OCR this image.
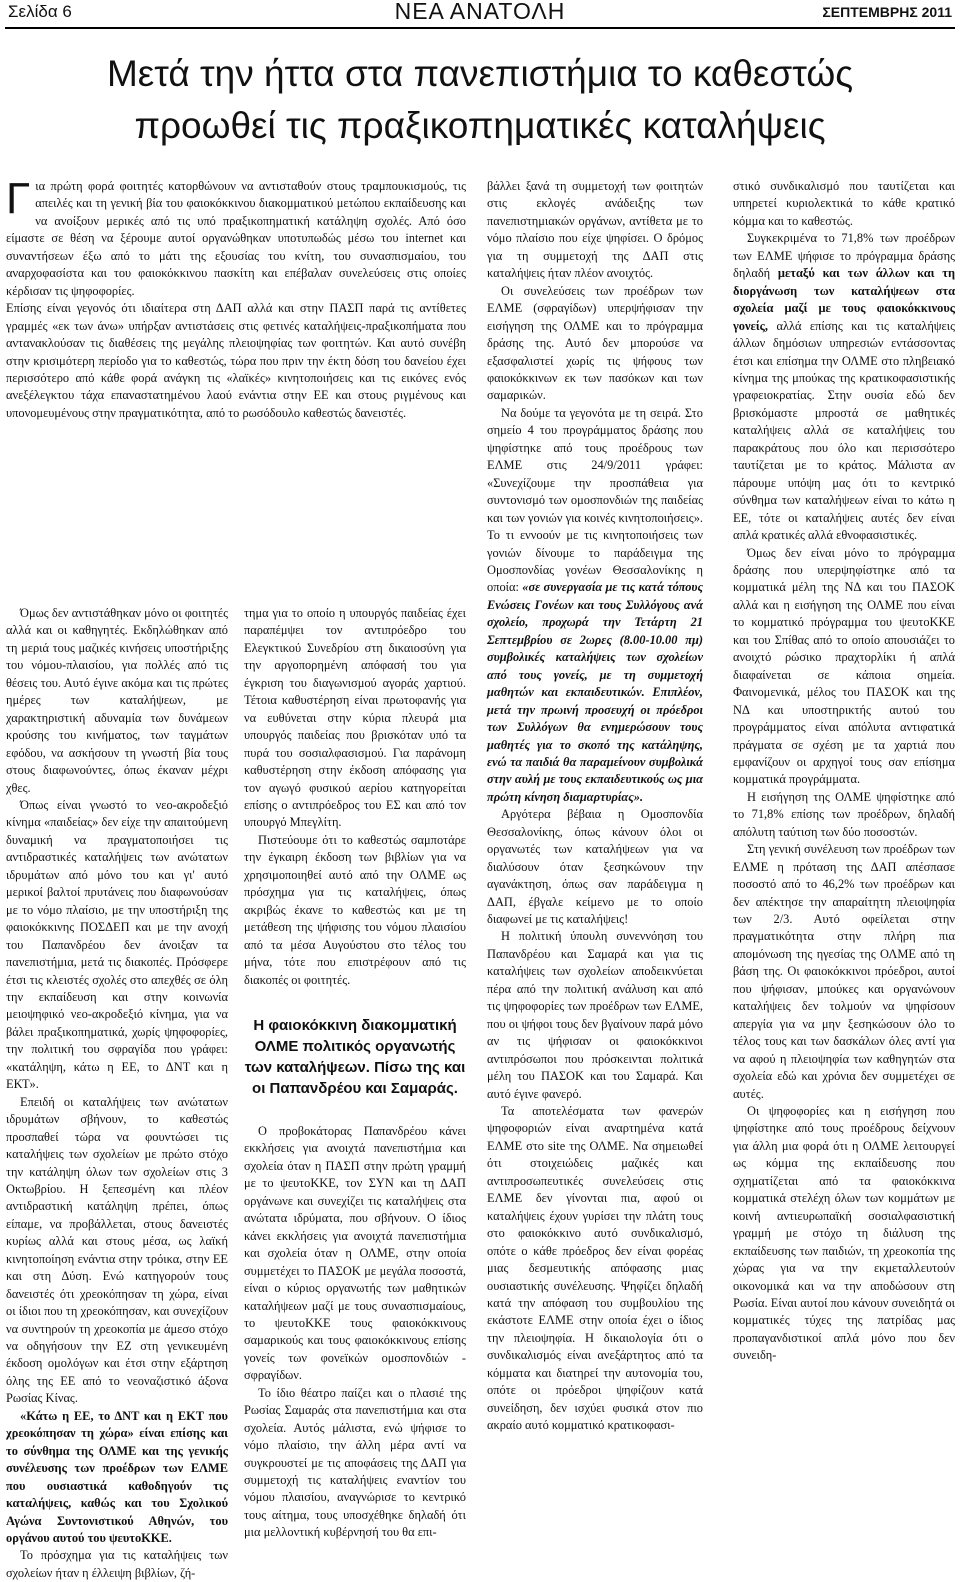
Σελίδα 6	ΝΕΑ ΑΝΑΤΟΛΗ	ΣΕΠΤΕΜΒΡΗΣ 2011
Μετά την ήττα στα πανεπιστήμια το καθεστώς
προωθεί τις πραξικοπηματικές καταλήψεις

Για πρώτη φορά φοιτητές κατορθώνουν να αντισταθούν στους τραμπουκισμούς, τις απειλές και τη γενική βία του φαιοκόκκινου διακομματικού μετώπου εκπαίδευσης και να ανοίξουν μερικές από τις υπό πραξικοπηματική κατάληψη σχολές. Από όσο είμαστε σε θέση να ξέρουμε αυτοί οργανώθηκαν υποτυπωδώς μέσω του internet και συναντήσεων έξω από το μάτι της εξουσίας του κνίτη, του συνασπισμαίου, του αναρχοφασίστα και του φαιοκόκκινου πασκίτη και επέβαλαν συνελεύσεις στις οποίες κέρδισαν τις ψηφοφορίες.

Επίσης είναι γεγονός ότι ιδιαίτερα στη ΔΑΠ αλλά και στην ΠΑΣΠ παρά τις αντίθετες γραμμές «εκ των άνω» υπήρξαν αντιστάσεις στις φετινές καταλήψεις-πραξικοπήματα που αντανακλούσαν τις διαθέσεις της μεγάλης πλειοψηφίας των φοιτητών. Και αυτό συνέβη στην κρισιμότερη περίοδο για το καθεστώς, τώρα που πριν την έκτη δόση του δανείου έχει περισσότερο από κάθε φορά ανάγκη τις «λαϊκές» κινητοποιήσεις και τις εικόνες ενός ανεξέλεγκτου τάχα επαναστατημένου λαού ενάντια στην ΕΕ και στους ριγμένους και υπονομευμένους στην πραγματικότητα, από το ρωσόδουλο καθεστώς δανειστές.

Όμως δεν αντιστάθηκαν μόνο οι φοιτητές αλλά και οι καθηγητές. Εκδηλώθηκαν από τη μεριά τους μαζικές κινήσεις υποστήριξης του νόμου-πλαισίου, για πολλές από τις θέσεις του. Αυτό έγινε ακόμα και τις πρώτες ημέρες των καταλήψεων, με χαρακτηριστική αδυναμία των δυνάμεων κρούσης του κινήματος, των ταγμάτων εφόδου, να ασκήσουν τη γνωστή βία τους στους διαφωνούντες, όπως έκαναν μέχρι χθες.

Όπως είναι γνωστό το νεο-ακροδεξιό κίνημα «παιδείας» δεν είχε την απαιτούμενη δυναμική να πραγματοποιήσει τις αντιδραστικές καταλήψεις των ανώτατων ιδρυμάτων από μόνο του και γι' αυτό μερικοί βαλτοί πρυτάνεις που διαφωνούσαν με το νόμο πλαίσιο, με την υποστήριξη της φαιοκόκκινης ΠΟΣΔΕΠ και με την ανοχή του Παπανδρέου δεν άνοιξαν τα πανεπιστήμια, μετά τις διακοπές. Πρόσφερε έτσι τις κλειστές σχολές στο απεχθές σε όλη την εκπαίδευση και στην κοινωνία μειοψηφικό νεο-ακροδεξιό κίνημα, για να βάλει πραξικοπηματικά, χωρίς ψηφοφορίες, την πολιτική του σφραγίδα που γράφει: «κατάληψη, κάτω η ΕΕ, το ΔΝΤ και η ΕΚΤ».

Επειδή οι καταλήψεις των ανώτατων ιδρυμάτων σβήνουν, το καθεστώς προσπαθεί τώρα να φουντώσει τις καταλήψεις των σχολείων με πρώτο στόχο την κατάληψη όλων των σχολείων στις 3 Οκτωβρίου. Η ξεπεσμένη και πλέον αντιδραστική κατάληψη πρέπει, όπως είπαμε, να προβάλλεται, στους δανειστές κυρίως αλλά και στους μέσα, ως λαϊκή κινητοποίηση ενάντια στην τρόικα, στην ΕΕ και στη Δύση. Ενώ κατηγορούν τους δανειστές ότι χρεοκόπησαν τη χώρα, είναι οι ίδιοι που τη χρεοκόπησαν, και συνεχίζουν να συντηρούν τη χρεοκοπία με άμεσο στόχο να οδηγήσουν την ΕΖ στη γενικευμένη έκδοση ομολόγων και έτσι στην εξάρτηση όλης της ΕΕ από το νεοναζιστικό άξονα Ρωσίας Κίνας.

«Κάτω η ΕΕ, το ΔΝΤ και η ΕΚΤ που χρεοκόπησαν τη χώρα» είναι επίσης και το σύνθημα της ΟΛΜΕ και της γενικής συνέλευσης των προέδρων των ΕΛΜΕ που ουσιαστικά καθοδηγούν τις καταλήψεις, καθώς και του Σχολικού Αγώνα Συντονιστικού Αθηνών, του οργάνου αυτού του ψευτοΚΚΕ.

Το πρόσχημα για τις καταλήψεις των σχολείων ήταν η έλλειψη βιβλίων, ζή-

τημα για το οποίο η υπουργός παιδείας έχει παραπέμψει τον αντιπρόεδρο του Ελεγκτικού Συνεδρίου στη δικαιοσύνη για την αργοπορημένη απόφασή του για έγκριση του διαγωνισμού αγοράς χαρτιού. Τέτοια καθυστέρηση είναι πρωτοφανής για να ευθύνεται στην κύρια πλευρά μια υπουργός παιδείας που βρισκόταν υπό τα πυρά του σοσιαλφασισμού. Για παράνομη καθυστέρηση στην έκδοση απόφασης για τον αγωγό φυσικού αερίου κατηγορείται επίσης ο αντιπρόεδρος του ΕΣ και από τον υπουργό Μπεγλίτη.

Πιστεύουμε ότι το καθεστώς σαμποτάρε την έγκαιρη έκδοση των βιβλίων για να χρησιμοποιηθεί αυτό από την ΟΛΜΕ ως πρόσχημα για τις καταλήψεις, όπως ακριβώς έκανε το καθεστώς και με τη μετάθεση της ψήφισης του νόμου πλαισίου από τα μέσα Αυγούστου στο τέλος του μήνα, τότε που επιστρέφουν από τις διακοπές οι φοιτητές.

Η φαιοκόκκινη διακομματική ΟΛΜΕ πολιτικός οργανωτής των καταλήψεων. Πίσω της και οι Παπανδρέου και Σαμαράς.

Ο προβοκάτορας Παπανδρέου κάνει εκκλήσεις για ανοιχτά πανεπιστήμια και σχολεία όταν η ΠΑΣΠ στην πρώτη γραμμή με το ψευτοΚΚΕ, τον ΣΥΝ και τη ΔΑΠ οργάνωνε και συνεχίζει τις καταλήψεις στα ανώτατα ιδρύματα, που σβήνουν. Ο ίδιος κάνει εκκλήσεις για ανοιχτά πανεπιστήμια και σχολεία όταν η ΟΛΜΕ, στην οποία συμμετέχει το ΠΑΣΟΚ με μεγάλα ποσοστά, είναι ο κύριος οργανωτής των μαθητικών καταλήψεων μαζί με τους συνασπισμαίους, το ψευτοΚΚΕ τους φαιοκόκκινους σαμαρικούς και τους φαιοκόκκινους επίσης γονείς των φονεϊκών ομοσπονδιών - σφραγίδων.

Το ίδιο θέατρο παίζει και ο πλασιέ της Ρωσίας Σαμαράς στα πανεπιστήμια και στα σχολεία. Αυτός μάλιστα, ενώ ψήφισε το νόμο πλαίσιο, την άλλη μέρα αντί να συγκρουστεί με τις αποφάσεις της ΔΑΠ για συμμετοχή τις καταλήψεις εναντίον του νόμου πλαισίου, αναγνώρισε το κεντρικό τους αίτημα, τους υποσχέθηκε δηλαδή ότι μια μελλοντική κυβέρνησή του θα επι-

βάλλει ξανά τη συμμετοχή των φοιτητών στις εκλογές ανάδειξης των πανεπιστημιακών οργάνων, αντίθετα με το νόμο πλαίσιο που είχε ψηφίσει. Ο δρόμος για τη συμμετοχή της ΔΑΠ στις καταλήψεις ήταν πλέον ανοιχτός.

Οι συνελεύσεις των προέδρων των ΕΛΜΕ (σφραγίδων) υπερψήφισαν την εισήγηση της ΟΛΜΕ και το πρόγραμμα δράσης της. Αυτό δεν μπορούσε να εξασφαλιστεί χωρίς τις ψήφους των φαιοκόκκινων εκ των πασόκων και των σαμαρικών.

Να δούμε τα γεγονότα με τη σειρά. Στο σημείο 4 του προγράμματος δράσης που ψηφίστηκε από τους προέδρους των ΕΛΜΕ στις 24/9/2011 γράφει: «Συνεχίζουμε την προσπάθεια για συντονισμό των ομοσπονδιών της παιδείας και των γονιών για κοινές κινητοποιήσεις». Το τι εννοούν με τις κινητοποιήσεις των γονιών δίνουμε το παράδειγμα της Ομοσπονδίας γονέων Θεσσαλονίκης η οποία: «σε συνεργασία με τις κατά τόπους Ενώσεις Γονέων και τους Συλλόγους ανά σχολείο, προχωρά την Τετάρτη 21 Σεπτεμβρίου σε 2ωρες (8.00-10.00 πμ) συμβολικές καταλήψεις των σχολείων από τους γονείς, με τη συμμετοχή μαθητών και εκπαιδευτικών. Επιπλέον, μετά την πρωινή προσευχή οι πρόεδροι των Συλλόγων θα ενημερώσουν τους μαθητές για το σκοπό της κατάληψης, ενώ τα παιδιά θα παραμείνουν συμβολικά στην αυλή με τους εκπαιδευτικούς ως μια πρώτη κίνηση διαμαρτυρίας».

Αργότερα βέβαια η Ομοσπονδία Θεσσαλονίκης, όπως κάνουν όλοι οι οργανωτές των καταλήψεων για να διαλύσουν όταν ξεσηκώνουν την αγανάκτηση, όπως σαν παράδειγμα η ΔΑΠ, έβγαλε κείμενο με το οποίο διαφωνεί με τις καταλήψεις!

Η πολιτική ύπουλη συνεννόηση του Παπανδρέου και Σαμαρά και για τις καταλήψεις των σχολείων αποδεικνύεται πέρα από την πολιτική ανάλυση και από τις ψηφοφορίες των προέδρων των ΕΛΜΕ, που οι ψήφοι τους δεν βγαίνουν παρά μόνο αν τις ψήφισαν οι φαιοκόκκινοι αντιπρόσωποι που πρόσκεινται πολιτικά μέλη του ΠΑΣΟΚ και του Σαμαρά. Και αυτό έγινε φανερό.

Τα αποτελέσματα των φανερών ψηφοφοριών είναι αναρτημένα κατά ΕΛΜΕ στο site της ΟΛΜΕ. Να σημειωθεί ότι στοιχειώδεις μαζικές και αντιπροσωπευτικές συνελεύσεις στις ΕΛΜΕ δεν γίνονται πια, αφού οι καταλήψεις έχουν γυρίσει την πλάτη τους στο φαιοκόκκινο αυτό συνδικαλισμό, οπότε ο κάθε πρόεδρος δεν είναι φορέας μιας δεσμευτικής απόφασης μιας ουσιαστικής συνέλευσης. Ψηφίζει δηλαδή κατά την απόφαση του συμβουλίου της εκάστοτε ΕΛΜΕ στην οποία έχει ο ίδιος την πλειοψηφία. Η δικαιολογία ότι ο συνδικαλισμός είναι ανεξάρτητος από τα κόμματα και διατηρεί την αυτονομία του, οπότε οι πρόεδροι ψηφίζουν κατά συνείδηση, δεν ισχύει φυσικά στον πιο ακραίο αυτό κομματικό κρατικοφασι-

στικό συνδικαλισμό που ταυτίζεται και υπηρετεί κυριολεκτικά το κάθε κρατικό κόμμα και το καθεστώς.

Συγκεκριμένα το 71,8% των προέδρων των ΕΛΜΕ ψήφισε το πρόγραμμα δράσης δηλαδή μεταξύ και των άλλων και τη διοργάνωση των καταλήψεων στα σχολεία μαζί με τους φαιοκόκκινους γονείς, αλλά επίσης και τις καταλήψεις άλλων δημόσιων υπηρεσιών εντάσσοντας έτσι και επίσημα την ΟΛΜΕ στο πληβειακό κίνημα της μπούκας της κρατικοφασιστικής γραφειοκρατίας. Στην ουσία εδώ δεν βρισκόμαστε μπροστά σε μαθητικές καταλήψεις αλλά σε καταλήψεις του παρακράτους που όλο και περισσότερο ταυτίζεται με το κράτος. Μάλιστα αν πάρουμε υπόψη μας ότι το κεντρικό σύνθημα των καταλήψεων είναι το κάτω η ΕΕ, τότε οι καταλήψεις αυτές δεν είναι απλά κρατικές αλλά εθνοφασιστικές.

Όμως δεν είναι μόνο το πρόγραμμα δράσης που υπερψηφίστηκε από τα κομματικά μέλη της ΝΔ και του ΠΑΣΟΚ αλλά και η εισήγηση της ΟΛΜΕ που είναι το κομματικό πρόγραμμα του ψευτοΚΚΕ και του Σπίθας από το οποίο απουσιάζει το ανοιχτό ρώσικο πραχτορλίκι ή απλά διαφαίνεται σε κάποια σημεία. Φαινομενικά, μέλος του ΠΑΣΟΚ και της ΝΔ και υποστηρικτής αυτού του προγράμματος είναι απόλυτα αντιφατικά πράγματα σε σχέση με τα χαρτιά που εμφανίζουν οι αρχηγοί τους σαν επίσημα κομματικά προγράμματα.

Η εισήγηση της ΟΛΜΕ ψηφίστηκε από το 71,8% επίσης των προέδρων, δηλαδή απόλυτη ταύτιση των δύο ποσοστών.

Στη γενική συνέλευση των προέδρων των ΕΛΜΕ η πρόταση της ΔΑΠ απέσπασε ποσοστό από το 46,2% των προέδρων και δεν απέκτησε την απαραίτητη πλειοψηφία των 2/3. Αυτό οφείλεται στην πραγματικότητα στην πλήρη πια απομόνωση της ηγεσίας της ΟΛΜΕ από τη βάση της. Οι φαιοκόκκινοι πρόεδροι, αυτοί που ψήφισαν, μπούκες και οργανώνουν καταλήψεις δεν τολμούν να ψηφίσουν απεργία για να μην ξεσηκώσουν όλο το τέλος τους και των δασκάλων όλες αντί για να αφού η πλειοψηφία των καθηγητών στα σχολεία εδώ και χρόνια δεν συμμετέχει σε αυτές.

Οι ψηφοφορίες και η εισήγηση που ψηφίστηκε από τους προέδρους δείχνουν για άλλη μια φορά ότι η ΟΛΜΕ λειτουργεί ως κόμμα της εκπαίδευσης που σχηματίζεται από τα φαιοκόκκινα κομματικά στελέχη όλων των κομμάτων με κοινή αντιευρωπαϊκή σοσιαλφασιστική γραμμή με στόχο τη διάλυση της εκπαίδευσης των παιδιών, τη χρεοκοπία της χώρας για να την εκμεταλλευτούν οικονομικά και να την αποδώσουν στη Ρωσία. Είναι αυτοί που κάνουν συνειδητά οι κομματικές τύχες της πατρίδας μας προπαγανδιστικοί απλά μόνο που δεν συνειδη-
